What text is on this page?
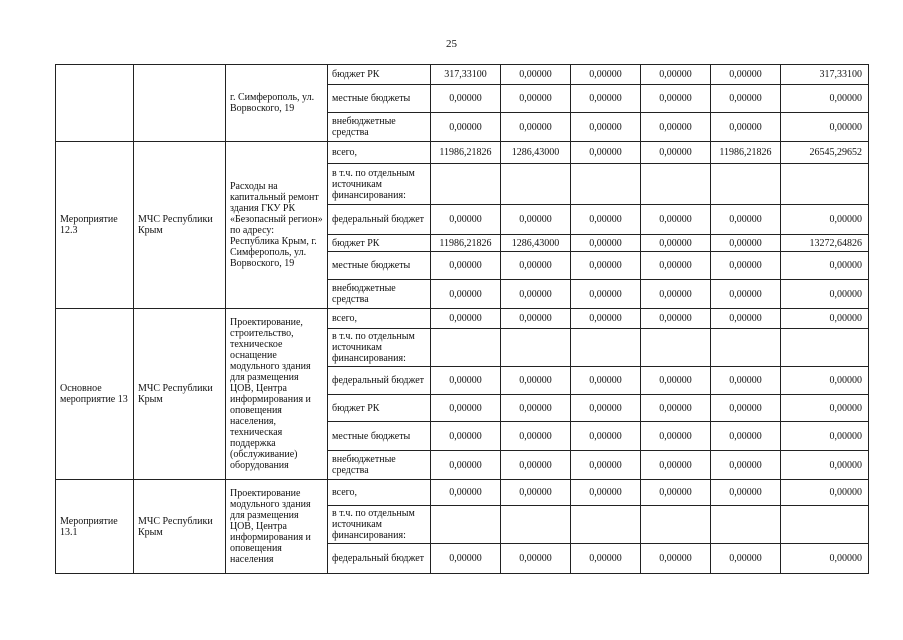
25
		г. Симферополь, ул. Ворвоского, 19	бюджет РК	317,33100	0,00000	0,00000	0,00000	0,00000	317,33100
			местные бюджеты	0,00000	0,00000	0,00000	0,00000	0,00000	0,00000
			внебюджетные средства	0,00000	0,00000	0,00000	0,00000	0,00000	0,00000
Мероприятие 12.3	МЧС Республики Крым	Расходы на капитальный ремонт здания ГКУ РК «Безопасный регион» по адресу: Республика Крым, г. Симферополь, ул. Ворвоского, 19	всего,	11986,21826	1286,43000	0,00000	0,00000	11986,21826	26545,29652
			в т.ч. по отдельным источникам финансирования:						
			федеральный бюджет	0,00000	0,00000	0,00000	0,00000	0,00000	0,00000
			бюджет РК	11986,21826	1286,43000	0,00000	0,00000	0,00000	13272,64826
			местные бюджеты	0,00000	0,00000	0,00000	0,00000	0,00000	0,00000
			внебюджетные средства	0,00000	0,00000	0,00000	0,00000	0,00000	0,00000
Основное мероприятие 13	МЧС Республики Крым	Проектирование, строительство, техническое оснащение модульного здания для размещения ЦОВ, Центра информирования и оповещения населения, техническая поддержка (обслуживание) оборудования	всего,	0,00000	0,00000	0,00000	0,00000	0,00000	0,00000
			в т.ч. по отдельным источникам финансирования:						
			федеральный бюджет	0,00000	0,00000	0,00000	0,00000	0,00000	0,00000
			бюджет РК	0,00000	0,00000	0,00000	0,00000	0,00000	0,00000
			местные бюджеты	0,00000	0,00000	0,00000	0,00000	0,00000	0,00000
			внебюджетные средства	0,00000	0,00000	0,00000	0,00000	0,00000	0,00000
Мероприятие 13.1	МЧС Республики Крым	Проектирование модульного здания для размещения ЦОВ, Центра информирования и оповещения населения	всего,	0,00000	0,00000	0,00000	0,00000	0,00000	0,00000
			в т.ч. по отдельным источникам финансирования:						
			федеральный бюджет	0,00000	0,00000	0,00000	0,00000	0,00000	0,00000
